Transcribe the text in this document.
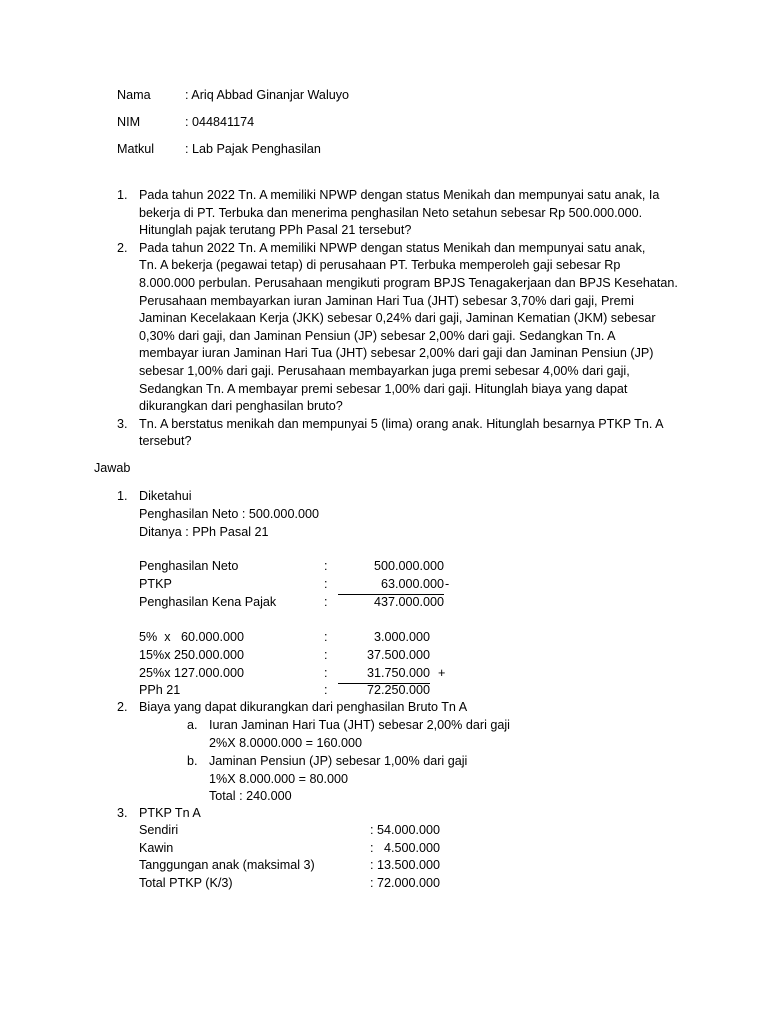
Nama	: Ariq Abbad Ginanjar Waluyo
NIM	: 044841174
Matkul : Lab Pajak Penghasilan
1. Pada tahun 2022 Tn. A memiliki NPWP dengan status Menikah dan mempunyai satu anak, Ia
bekerja di PT. Terbuka dan menerima penghasilan Neto setahun sebesar Rp 500.000.000.
Hitunglah pajak terutang PPh Pasal 21 tersebut?
2. Pada tahun 2022 Tn. A memiliki NPWP dengan status Menikah dan mempunyai satu anak,
Tn. A bekerja (pegawai tetap) di perusahaan PT. Terbuka memperoleh gaji sebesar Rp
8.000.000 perbulan. Perusahaan mengikuti program BPJS Tenagakerjaan dan BPJS Kesehatan.
Perusahaan membayarkan iuran Jaminan Hari Tua (JHT) sebesar 3,70% dari gaji, Premi
Jaminan Kecelakaan Kerja (JKK) sebesar 0,24% dari gaji, Jaminan Kematian (JKM) sebesar
0,30% dari gaji, dan Jaminan Pensiun (JP) sebesar 2,00% dari gaji. Sedangkan Tn. A
membayar iuran Jaminan Hari Tua (JHT) sebesar 2,00% dari gaji dan Jaminan Pensiun (JP)
sebesar 1,00% dari gaji. Perusahaan membayarkan juga premi sebesar 4,00% dari gaji,
Sedangkan Tn. A membayar premi sebesar 1,00% dari gaji. Hitunglah biaya yang dapat
dikurangkan dari penghasilan bruto?
3. Tn. A berstatus menikah dan mempunyai 5 (lima) orang anak. Hitunglah besarnya PTKP Tn. A
tersebut?
Jawab
1. Diketahui
Penghasilan Neto : 500.000.000
Ditanya : PPh Pasal 21
Penghasilan Neto	:	500.000.000
PTKP	:	63.000.000 -
Penghasilan Kena Pajak	:	437.000.000
5%  x   60.000.000	:	3.000.000
15%x 250.000.000	:	37.500.000
25%x 127.000.000	:	31.750.000 +
PPh 21	:	72.250.000
2. Biaya yang dapat dikurangkan dari penghasilan Bruto Tn A
a. Iuran Jaminan Hari Tua (JHT) sebesar 2,00% dari gaji
2%X 8.0000.000 = 160.000
b. Jaminan Pensiun (JP) sebesar 1,00% dari gaji
1%X 8.000.000 = 80.000
Total : 240.000
3. PTKP Tn A
Sendiri	: 54.000.000
Kawin	:   4.500.000
Tanggungan anak (maksimal 3)	: 13.500.000
Total PTKP (K/3)	: 72.000.000
